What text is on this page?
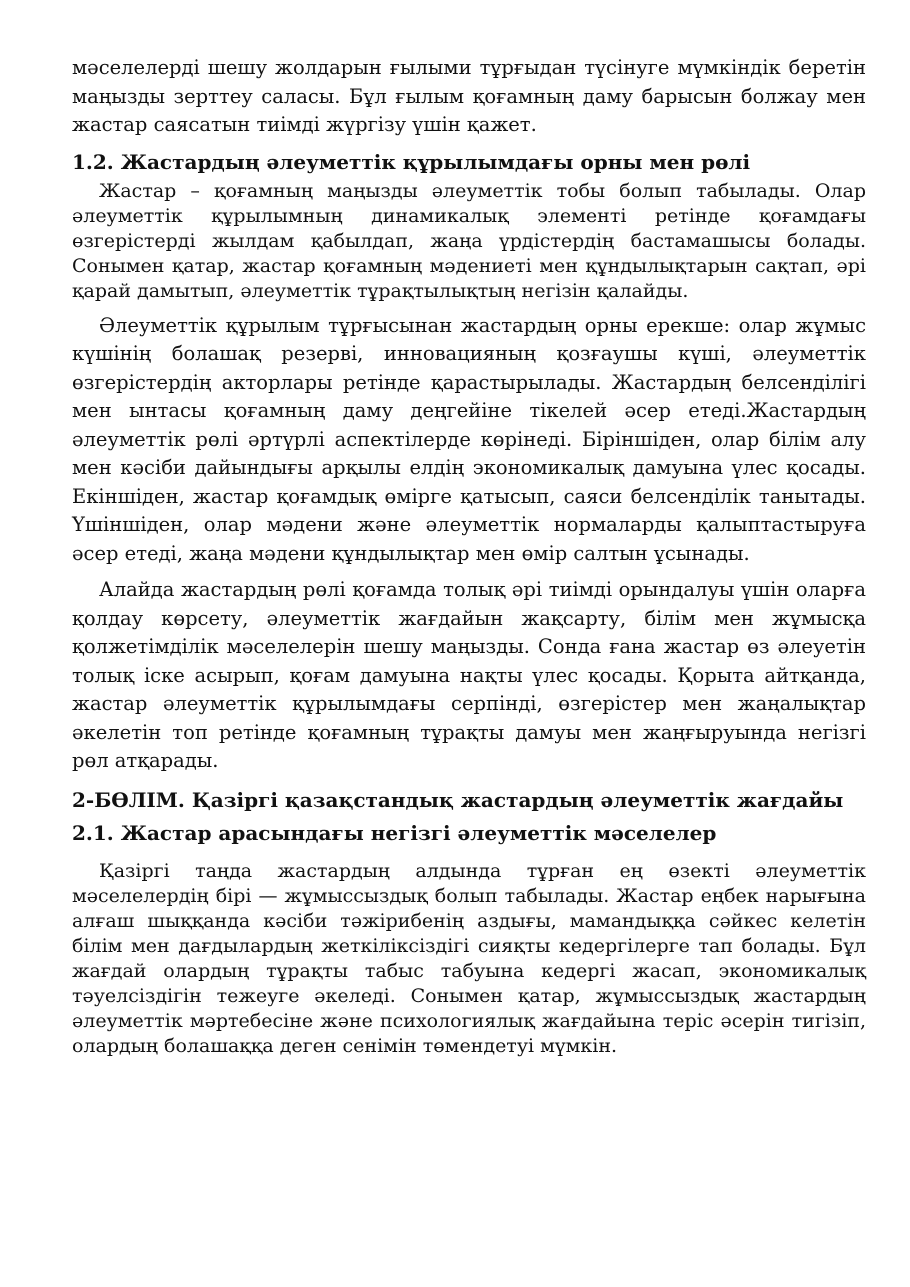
мәселелерді шешу жолдарын ғылыми тұрғыдан түсінуге мүмкіндік беретін маңызды зерттеу саласы. Бұл ғылым қоғамның даму барысын болжау мен жастар саясатын тиімді жүргізу үшін қажет.

1.2. Жастардың әлеуметтік құрылымдағы орны мен рөлі

Жастар – қоғамның маңызды әлеуметтік тобы болып табылады. Олар әлеуметтік құрылымның динамикалық элементі ретінде қоғамдағы өзгерістерді жылдам қабылдап, жаңа үрдістердің бастамашысы болады. Сонымен қатар, жастар қоғамның мәдениеті мен құндылықтарын сақтап, әрі қарай дамытып, әлеуметтік тұрақтылықтың негізін қалайды.

Әлеуметтік құрылым тұрғысынан жастардың орны ерекше: олар жұмыс күшінің болашақ резерві, инновацияның қозғаушы күші, әлеуметтік өзгерістердің акторлары ретінде қарастырылады. Жастардың белсенділігі мен ынтасы қоғамның даму деңгейіне тікелей әсер етеді.Жастардың әлеуметтік рөлі әртүрлі аспектілерде көрінеді. Біріншіден, олар білім алу мен кәсіби дайындығы арқылы елдің экономикалық дамуына үлес қосады. Екіншіден, жастар қоғамдық өмірге қатысып, саяси белсенділік танытады. Үшіншіден, олар мәдени және әлеуметтік нормаларды қалыптастыруға әсер етеді, жаңа мәдени құндылықтар мен өмір салтын ұсынады.

Алайда жастардың рөлі қоғамда толық әрі тиімді орындалуы үшін оларға қолдау көрсету, әлеуметтік жағдайын жақсарту, білім мен жұмысқа қолжетімділік мәселелерін шешу маңызды. Сонда ғана жастар өз әлеуетін толық іске асырып, қоғам дамуына нақты үлес қосады. Қорыта айтқанда, жастар әлеуметтік құрылымдағы серпінді, өзгерістер мен жаңалықтар әкелетін топ ретінде қоғамның тұрақты дамуы мен жаңғыруында негізгі рөл атқарады.

2-БӨЛІМ. Қазіргі қазақстандық жастардың әлеуметтік жағдайы
2.1. Жастар арасындағы негізгі әлеуметтік мәселелер

Қазіргі таңда жастардың алдында тұрған ең өзекті әлеуметтік мәселелердің бірі — жұмыссыздық болып табылады. Жастар еңбек нарығына алғаш шыққанда кәсіби тәжірибенің аздығы, мамандыққа сәйкес келетін білім мен дағдылардың жеткіліксіздігі сияқты кедергілерге тап болады. Бұл жағдай олардың тұрақты табыс табуына кедергі жасап, экономикалық тәуелсіздігін тежеуге әкеледі. Сонымен қатар, жұмыссыздық жастардың әлеуметтік мәртебесіне және психологиялық жағдайына теріс әсерін тигізіп, олардың болашаққа деген сенімін төмендетуі мүмкін.
